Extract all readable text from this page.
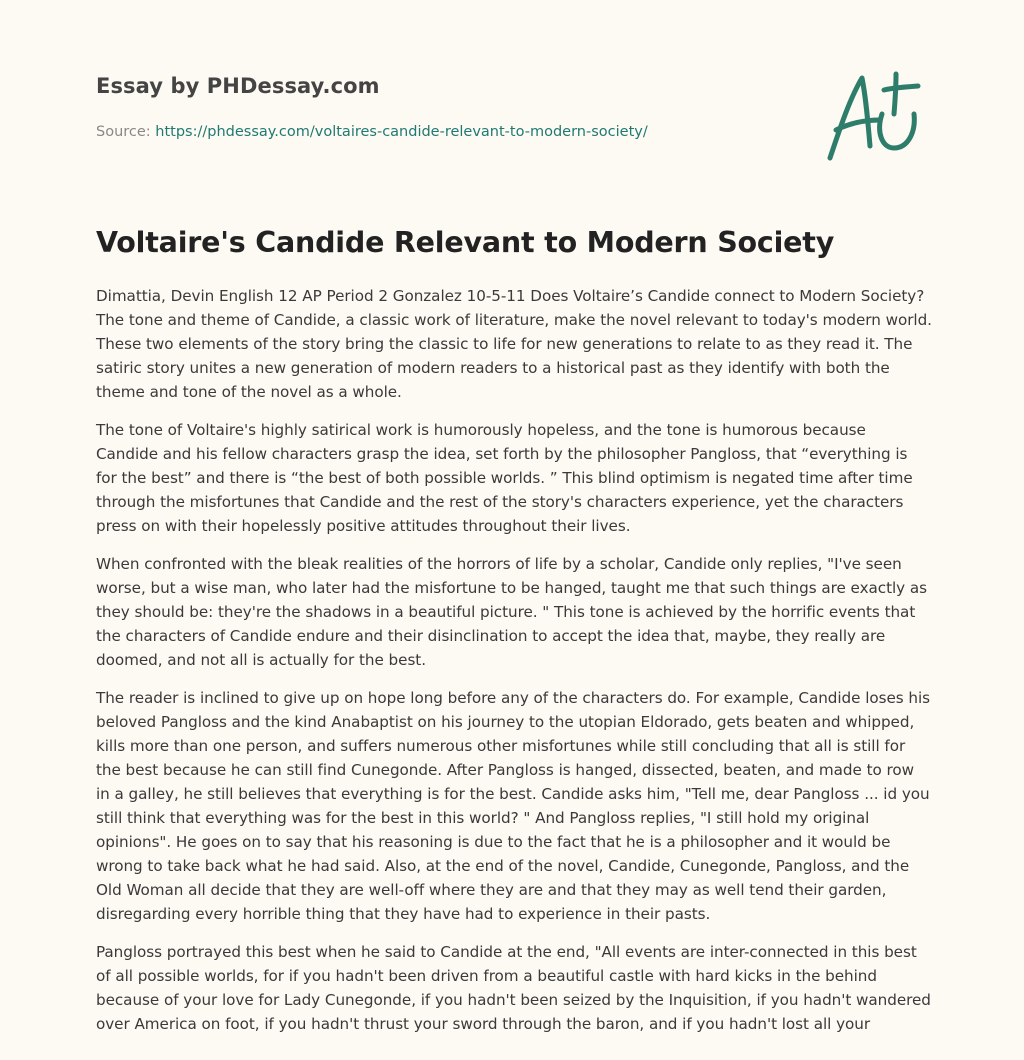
Essay by PHDessay.com

Source: https://phdessay.com/voltaires-candide-relevant-to-modern-society/

Voltaire's Candide Relevant to Modern Society

Dimattia, Devin English 12 AP Period 2 Gonzalez 10-5-11 Does Voltaire’s Candide connect to Modern Society? The tone and theme of Candide, a classic work of literature, make the novel relevant to today's modern world. These two elements of the story bring the classic to life for new generations to relate to as they read it. The satiric story unites a new generation of modern readers to a historical past as they identify with both the theme and tone of the novel as a whole.

The tone of Voltaire's highly satirical work is humorously hopeless, and the tone is humorous because Candide and his fellow characters grasp the idea, set forth by the philosopher Pangloss, that “everything is for the best” and there is “the best of both possible worlds. ” This blind optimism is negated time after time through the misfortunes that Candide and the rest of the story's characters experience, yet the characters press on with their hopelessly positive attitudes throughout their lives.

When confronted with the bleak realities of the horrors of life by a scholar, Candide only replies, "I've seen worse, but a wise man, who later had the misfortune to be hanged, taught me that such things are exactly as they should be: they're the shadows in a beautiful picture. " This tone is achieved by the horrific events that the characters of Candide endure and their disinclination to accept the idea that, maybe, they really are doomed, and not all is actually for the best.

The reader is inclined to give up on hope long before any of the characters do. For example, Candide loses his beloved Pangloss and the kind Anabaptist on his journey to the utopian Eldorado, gets beaten and whipped, kills more than one person, and suffers numerous other misfortunes while still concluding that all is still for the best because he can still find Cunegonde. After Pangloss is hanged, dissected, beaten, and made to row in a galley, he still believes that everything is for the best. Candide asks him, "Tell me, dear Pangloss ... id you still think that everything was for the best in this world? " And Pangloss replies, "I still hold my original opinions". He goes on to say that his reasoning is due to the fact that he is a philosopher and it would be wrong to take back what he had said. Also, at the end of the novel, Candide, Cunegonde, Pangloss, and the Old Woman all decide that they are well-off where they are and that they may as well tend their garden, disregarding every horrible thing that they have had to experience in their pasts.

Pangloss portrayed this best when he said to Candide at the end, "All events are inter-connected in this best of all possible worlds, for if you hadn't been driven from a beautiful castle with hard kicks in the behind because of your love for Lady Cunegonde, if you hadn't been seized by the Inquisition, if you hadn't wandered over America on foot, if you hadn't thrust your sword through the baron, and if you hadn't lost all your
